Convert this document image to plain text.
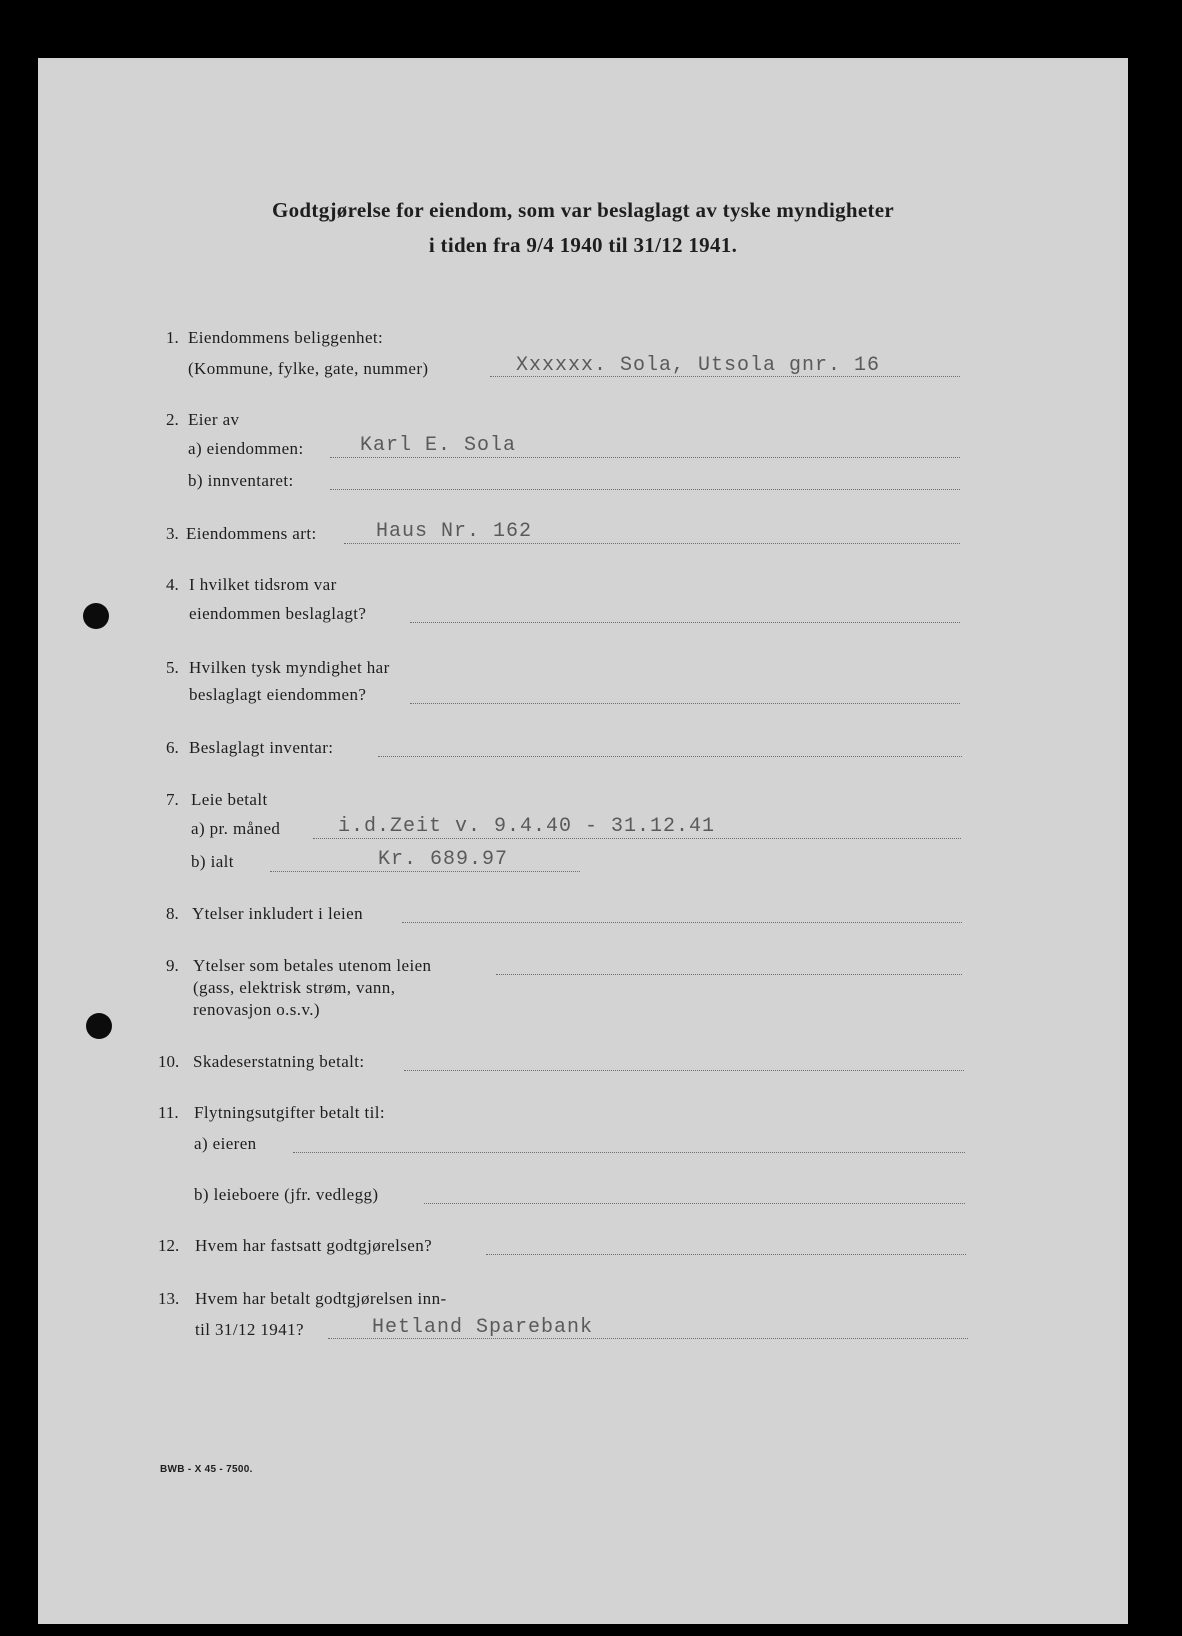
Godtgjørelse for eiendom, som var beslaglagt av tyske myndigheter
i tiden fra 9/4 1940 til 31/12 1941.
1. Eiendommens beliggenhet:
(Kommune, fylke, gate, nummer)	Xxxxxx. Sola, Utsola gnr. 16
2. Eier av
a) eiendommen:	Karl E. Sola
b) innventaret:
3. Eiendommens art:	Haus Nr. 162
4. I hvilket tidsrom var
eiendommen beslaglagt?
5. Hvilken tysk myndighet har
beslaglagt eiendommen?
6. Beslaglagt inventar:
7. Leie betalt
a) pr. måned	i.d.Zeit v. 9.4.40 - 31.12.41
b) ialt	Kr. 689.97
8. Ytelser inkludert i leien
9. Ytelser som betales utenom leien
(gass, elektrisk strøm, vann,
renovasjon o.s.v.)
10. Skadeserstatning betalt:
11. Flytningsutgifter betalt til:
a) eieren
b) leieboere (jfr. vedlegg)
12. Hvem har fastsatt godtgjørelsen?
13. Hvem har betalt godtgjørelsen inn-
til 31/12 1941?	Hetland Sparebank
BWB - X 45 - 7500.
